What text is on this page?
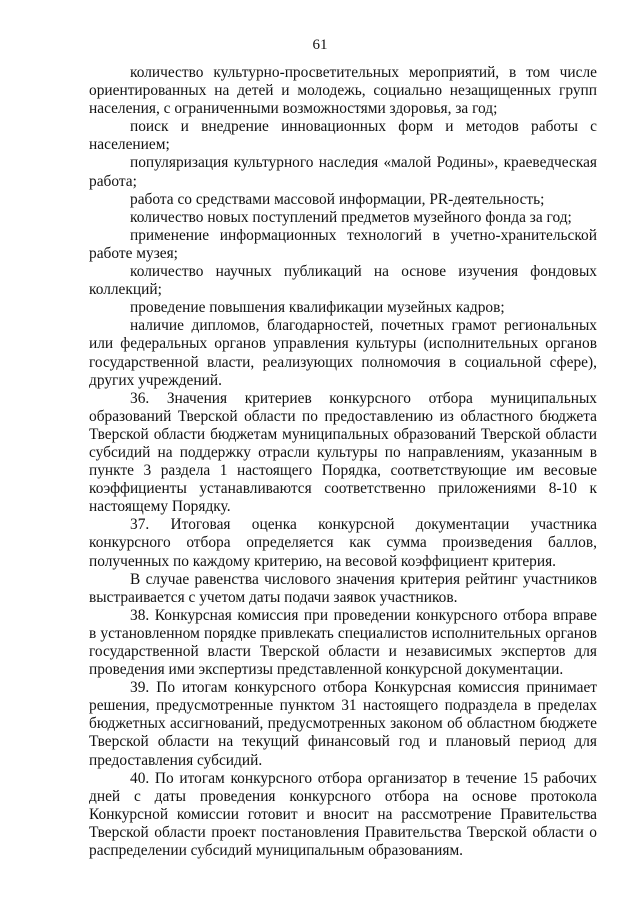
61
количество культурно-просветительных мероприятий, в том числе
ориентированных на детей и молодежь, социально незащищенных групп
населения, с ограниченными возможностями здоровья, за год;
поиск и внедрение инновационных форм и методов работы с
населением;
популяризация культурного наследия «малой Родины», краеведческая
работа;
работа со средствами массовой информации, PR-деятельность;
количество новых поступлений предметов музейного фонда за год;
применение информационных технологий в учетно-хранительской
работе музея;
количество научных публикаций на основе изучения фондовых
коллекций;
проведение повышения квалификации музейных кадров;
наличие дипломов, благодарностей, почетных грамот региональных
или федеральных органов управления культуры (исполнительных органов
государственной власти, реализующих полномочия в социальной сфере),
других учреждений.
36. Значения критериев конкурсного отбора муниципальных
образований Тверской области по предоставлению из областного бюджета
Тверской области бюджетам муниципальных образований Тверской области
субсидий на поддержку отрасли культуры по направлениям, указанным в
пункте 3 раздела 1 настоящего Порядка, соответствующие им весовые
коэффициенты устанавливаются соответственно приложениями 8-10 к
настоящему Порядку.
37. Итоговая оценка конкурсной документации участника
конкурсного отбора определяется как сумма произведения баллов,
полученных по каждому критерию, на весовой коэффициент критерия.
В случае равенства числового значения критерия рейтинг участников
выстраивается с учетом даты подачи заявок участников.
38. Конкурсная комиссия при проведении конкурсного отбора вправе
в установленном порядке привлекать специалистов исполнительных органов
государственной власти Тверской области и независимых экспертов для
проведения ими экспертизы представленной конкурсной документации.
39. По итогам конкурсного отбора Конкурсная комиссия принимает
решения, предусмотренные пунктом 31 настоящего подраздела в пределах
бюджетных ассигнований, предусмотренных законом об областном бюджете
Тверской области на текущий финансовый год и плановый период для
предоставления субсидий.
40. По итогам конкурсного отбора организатор в течение 15 рабочих
дней с даты проведения конкурсного отбора на основе протокола
Конкурсной комиссии готовит и вносит на рассмотрение Правительства
Тверской области проект постановления Правительства Тверской области о
распределении субсидий муниципальным образованиям.
